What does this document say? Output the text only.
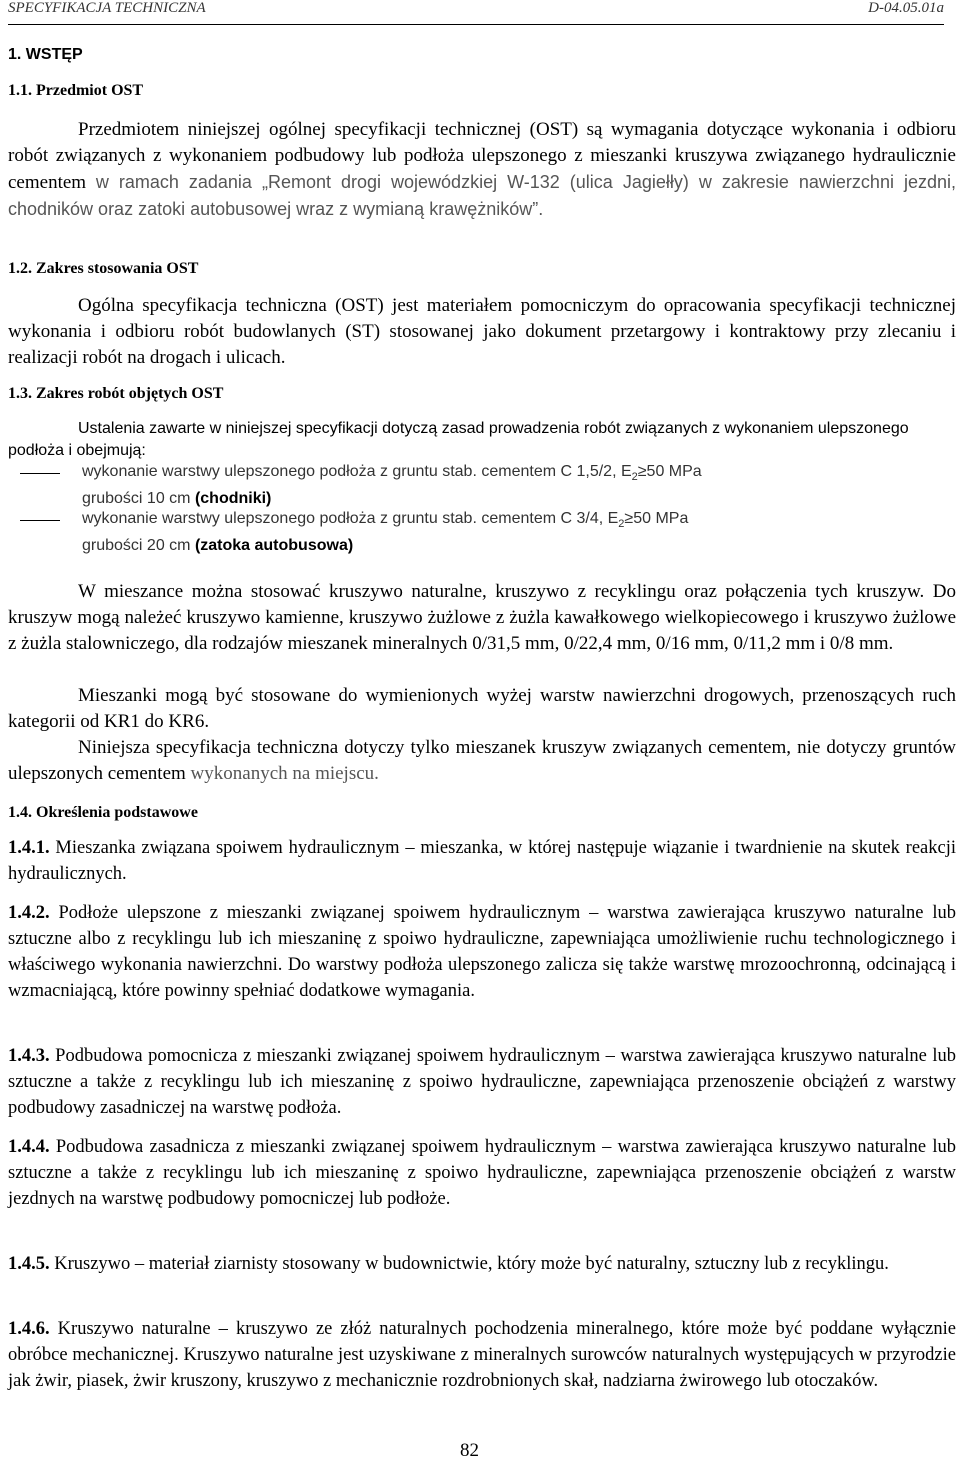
SPECYFIKACJA TECHNICZNA	D-04.05.01a
1. WSTĘP
1.1. Przedmiot OST
Przedmiotem niniejszej ogólnej specyfikacji technicznej (OST) są wymagania dotyczące wykonania i odbioru robót związanych z wykonaniem podbudowy lub podłoża ulepszonego z mieszanki kruszywa związanego hydraulicznie cementem w ramach zadania „Remont drogi wojewódzkiej W-132 (ulica Jagiełły) w zakresie nawierzchni jezdni, chodników oraz zatoki autobusowej wraz z wymianą krawężników”.
1.2. Zakres stosowania OST
Ogólna specyfikacja techniczna (OST) jest materiałem pomocniczym do opracowania specyfikacji technicznej wykonania i odbioru robót budowlanych (ST) stosowanej jako dokument przetargowy i kontraktowy przy zlecaniu i realizacji robót na drogach i ulicach.
1.3. Zakres robót objętych OST
Ustalenia zawarte w niniejszej specyfikacji dotyczą zasad prowadzenia robót związanych z wykonaniem ulepszonego podłoża i obejmują:
wykonanie warstwy ulepszonego podłoża z gruntu stab. cementem C 1,5/2, $E_2\ge 50$ MPa
grubości 10 cm (chodniki)
wykonanie warstwy ulepszonego podłoża z gruntu stab. cementem C 3/4, $E_2\ge 50$ MPa
grubości 20 cm (zatoka autobusowa)
W mieszance można stosować kruszywo naturalne, kruszywo z recyklingu oraz połączenia tych kruszyw. Do kruszyw mogą należeć kruszywo kamienne, kruszywo żużlowe z żużla kawałkowego wielkopiecowego i kruszywo żużlowe z żużla stalowniczego, dla rodzajów mieszanek mineralnych 0/31,5 mm, 0/22,4 mm, 0/16 mm, 0/11,2 mm i 0/8 mm.
Mieszanki mogą być stosowane do wymienionych wyżej warstw nawierzchni drogowych, przenoszących ruch kategorii od KR1 do KR6.
Niniejsza specyfikacja techniczna dotyczy tylko mieszanek kruszyw związanych cementem, nie dotyczy gruntów ulepszonych cementem wykonanych na miejscu.
1.4. Określenia podstawowe
1.4.1. Mieszanka związana spoiwem hydraulicznym – mieszanka, w której następuje wiązanie i twardnienie na skutek reakcji hydraulicznych.
1.4.2. Podłoże ulepszone z mieszanki związanej spoiwem hydraulicznym – warstwa zawierająca kruszywo naturalne lub sztuczne albo z recyklingu lub ich mieszaninę z spoiwo hydrauliczne, zapewniająca umożliwienie ruchu technologicznego i właściwego wykonania nawierzchni. Do warstwy podłoża ulepszonego zalicza się także warstwę mrozoochronną, odcinającą i wzmacniającą, które powinny spełniać dodatkowe wymagania.
1.4.3. Podbudowa pomocnicza z mieszanki związanej spoiwem hydraulicznym – warstwa zawierająca kruszywo naturalne lub sztuczne a także z recyklingu lub ich mieszaninę z spoiwo hydrauliczne, zapewniająca przenoszenie obciążeń z warstwy podbudowy zasadniczej na warstwę podłoża.
1.4.4. Podbudowa zasadnicza z mieszanki związanej spoiwem hydraulicznym – warstwa zawierająca kruszywo naturalne lub sztuczne a także z recyklingu lub ich mieszaninę z spoiwo hydrauliczne, zapewniająca przenoszenie obciążeń z warstw jezdnych na warstwę podbudowy pomocniczej lub podłoże.
1.4.5. Kruszywo – materiał ziarnisty stosowany w budownictwie, który może być naturalny, sztuczny lub z recyklingu.
1.4.6. Kruszywo naturalne – kruszywo ze złóż naturalnych pochodzenia mineralnego, które może być poddane wyłącznie obróbce mechanicznej. Kruszywo naturalne jest uzyskiwane z mineralnych surowców naturalnych występujących w przyrodzie jak żwir, piasek, żwir kruszony, kruszywo z mechanicznie rozdrobnionych skał, nadziarna żwirowego lub otoczaków.
82
